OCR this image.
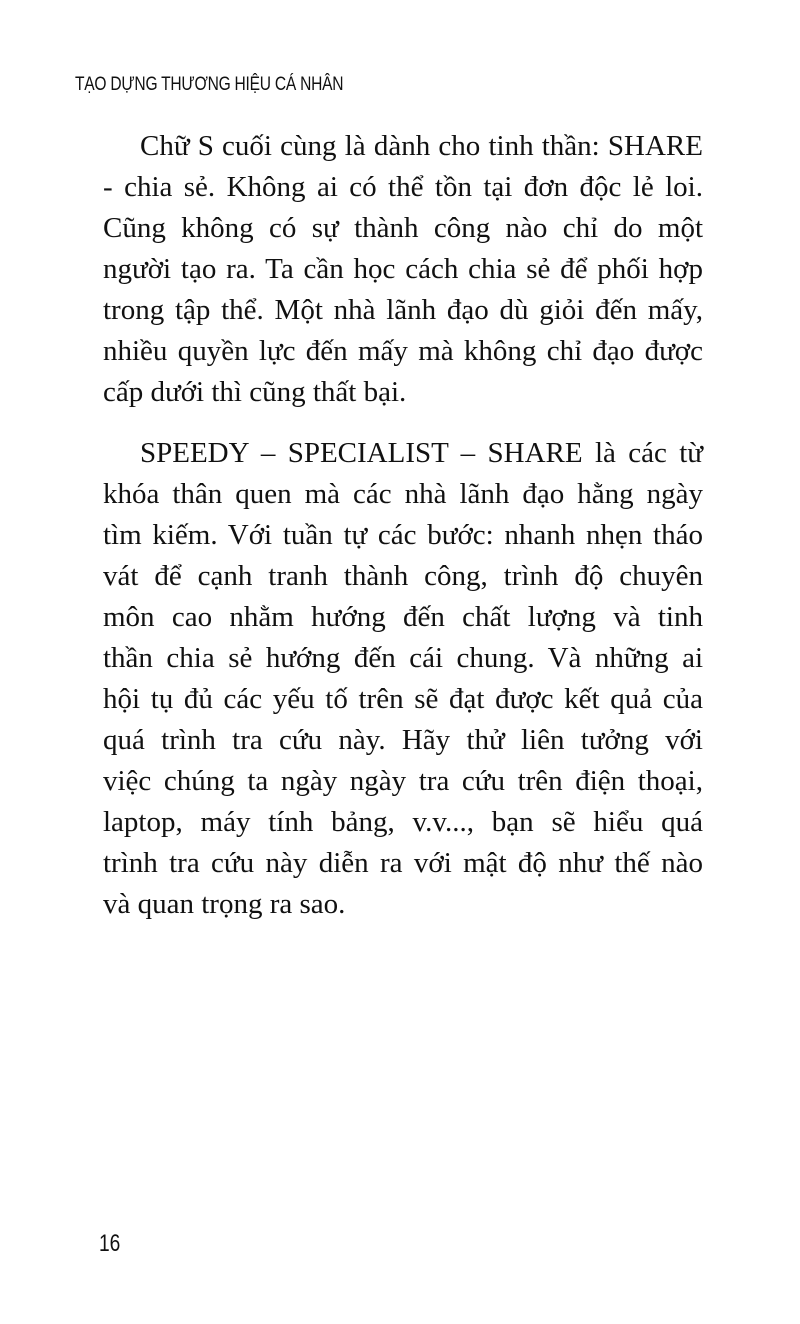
TẠO DỰNG THƯƠNG HIỆU CÁ NHÂN
Chữ S cuối cùng là dành cho tinh thần: SHARE
- chia sẻ. Không ai có thể tồn tại đơn độc lẻ loi.
Cũng không có sự thành công nào chỉ do một
người tạo ra. Ta cần học cách chia sẻ để phối hợp
trong tập thể. Một nhà lãnh đạo dù giỏi đến mấy,
nhiều quyền lực đến mấy mà không chỉ đạo được
cấp dưới thì cũng thất bại.
SPEEDY – SPECIALIST – SHARE là các từ
khóa thân quen mà các nhà lãnh đạo hằng ngày
tìm kiếm. Với tuần tự các bước: nhanh nhẹn tháo
vát để cạnh tranh thành công, trình độ chuyên
môn cao nhằm hướng đến chất lượng và tinh
thần chia sẻ hướng đến cái chung. Và những ai
hội tụ đủ các yếu tố trên sẽ đạt được kết quả của
quá trình tra cứu này. Hãy thử liên tưởng với
việc chúng ta ngày ngày tra cứu trên điện thoại,
laptop, máy tính bảng, v.v..., bạn sẽ hiểu quá
trình tra cứu này diễn ra với mật độ như thế nào
và quan trọng ra sao.
16
